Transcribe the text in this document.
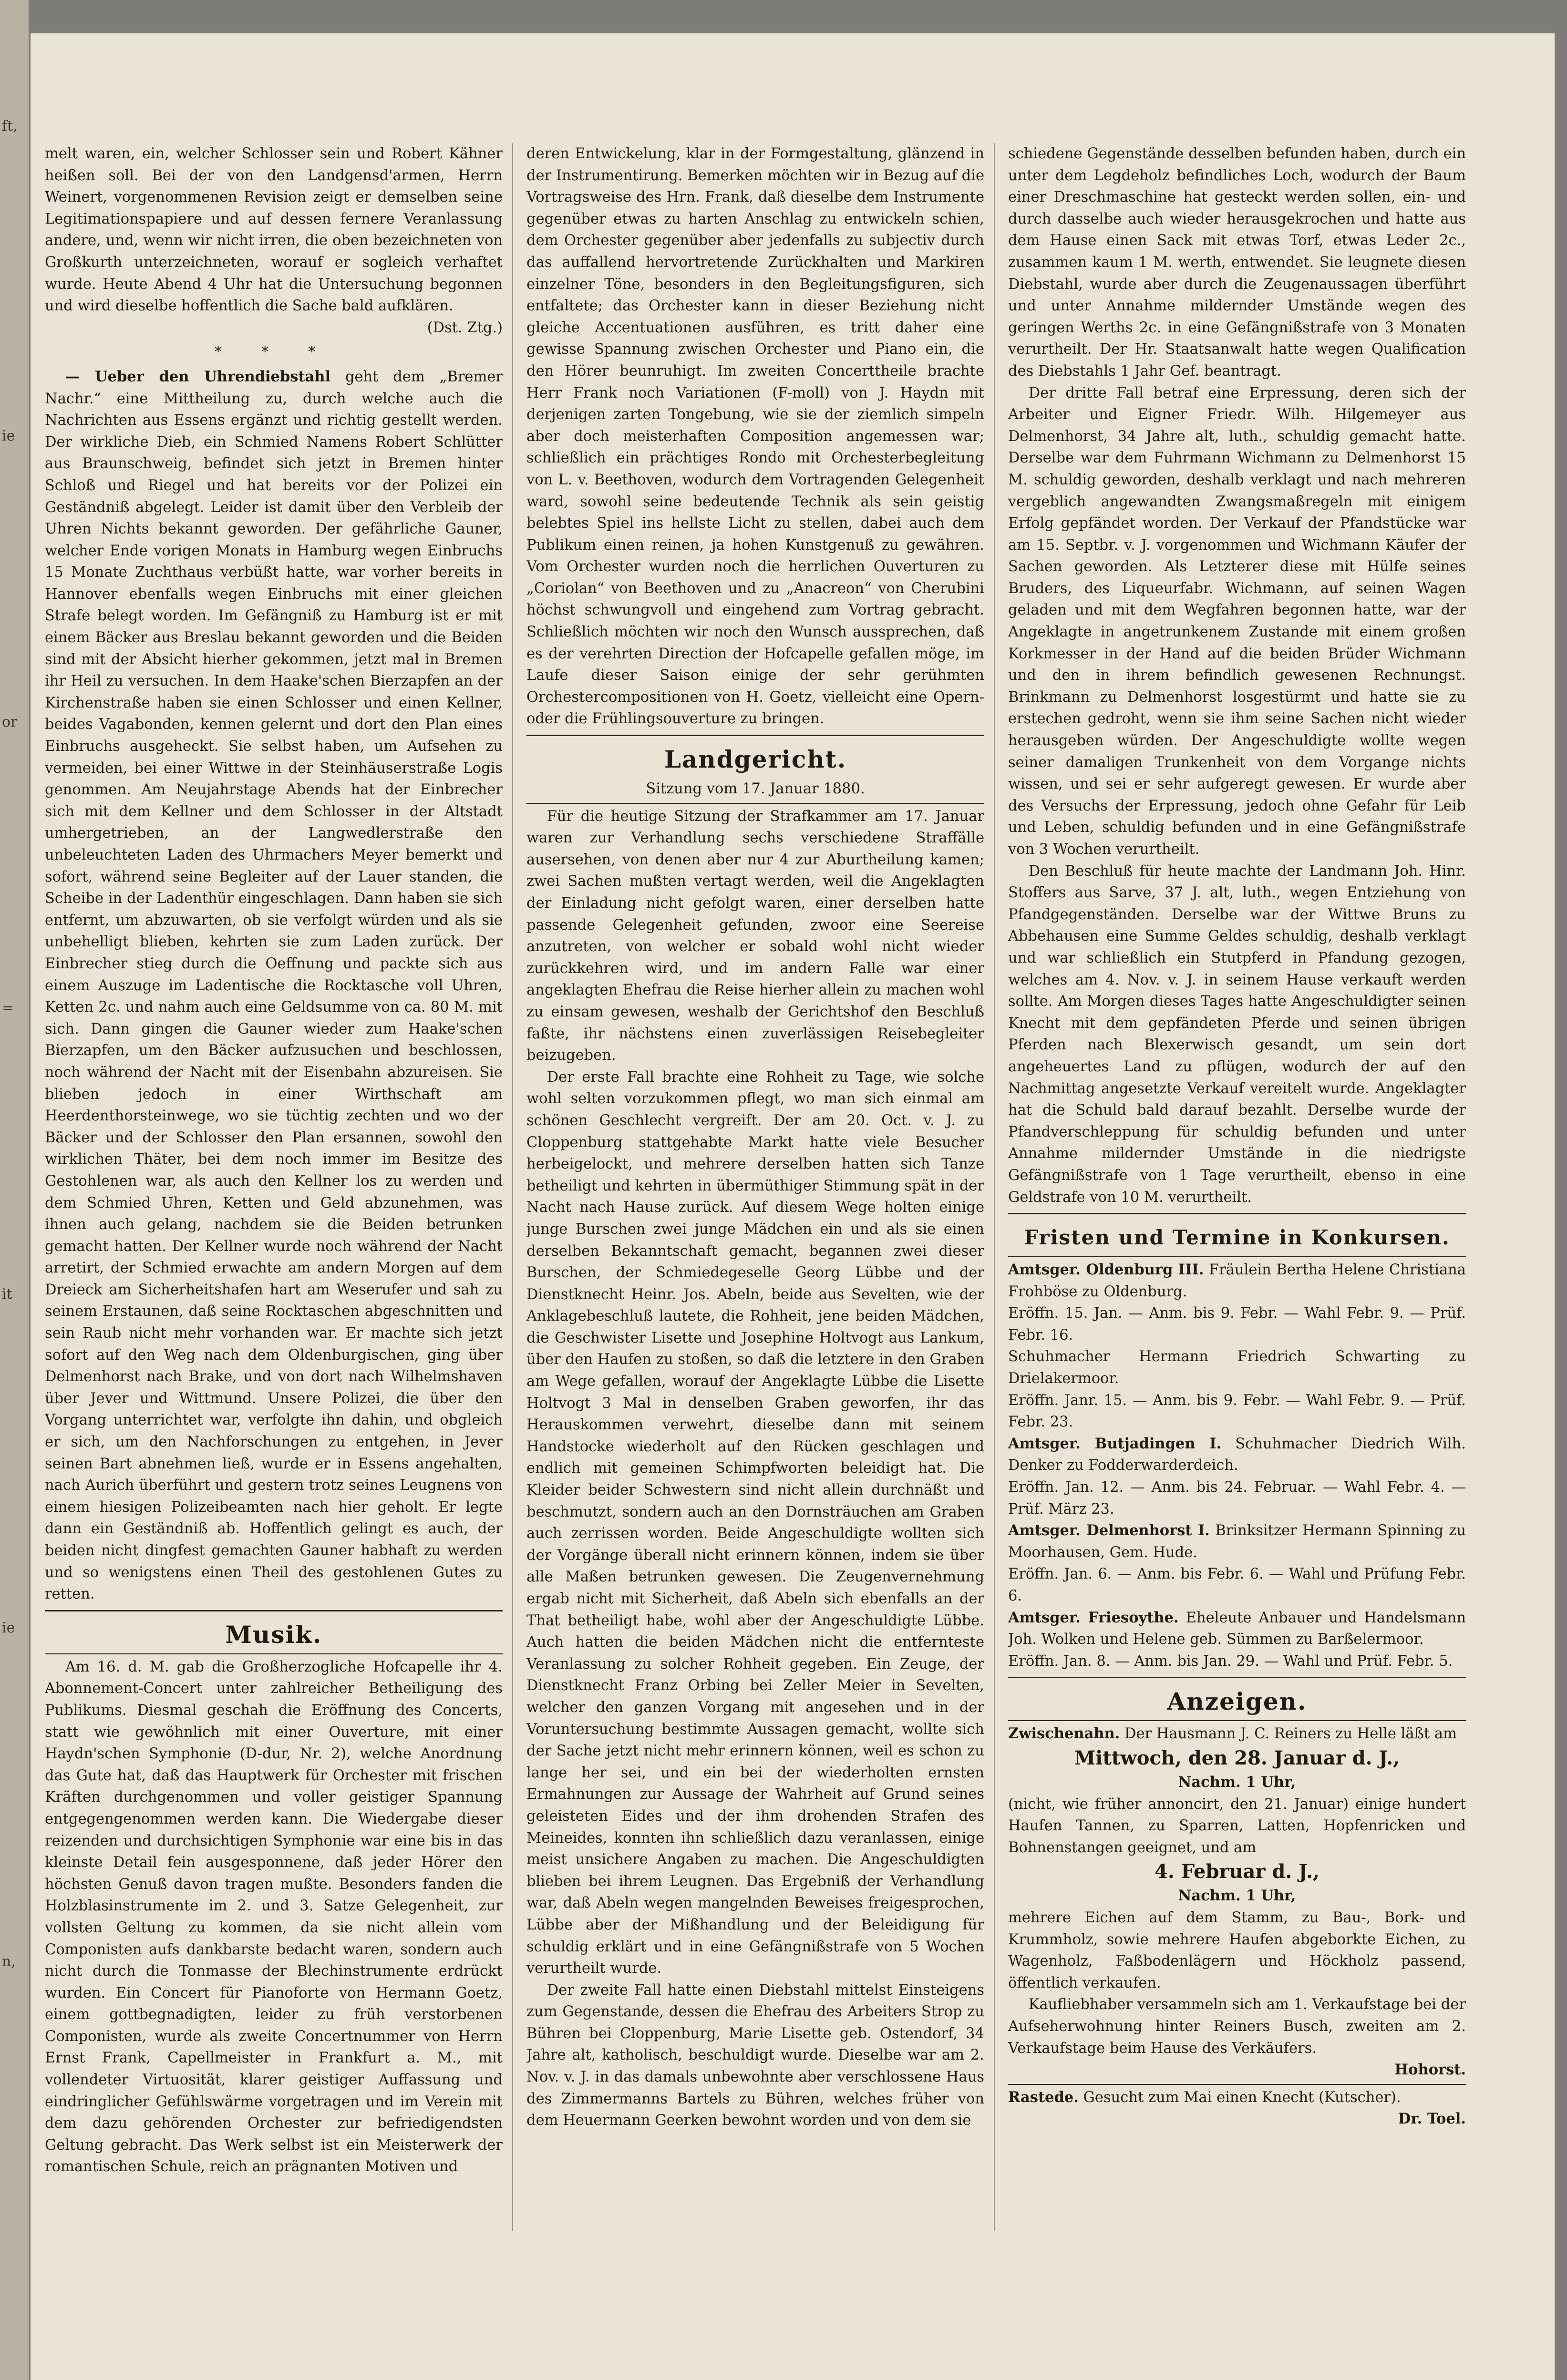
ft,
ie
or
=
it
ie
n,

melt waren, ein, welcher Schlosser sein und Robert Kähner heißen soll. Bei der von den Landgensd'armen, Herrn Weinert, vorgenommenen Revision zeigt er demselben seine Legitimationspapiere und auf dessen fernere Veranlassung andere, und, wenn wir nicht irren, die oben bezeichneten von Großkurth unterzeichneten, worauf er sogleich verhaftet wurde. Heute Abend 4 Uhr hat die Untersuchung begonnen und wird dieselbe hoffentlich die Sache bald aufklären.

(Dst. Ztg.)

* * *

— Ueber den Uhrendiebstahl geht dem „Bremer Nachr.“ eine Mittheilung zu, durch welche auch die Nachrichten aus Essens ergänzt und richtig gestellt werden. Der wirkliche Dieb, ein Schmied Namens Robert Schlütter aus Braunschweig, befindet sich jetzt in Bremen hinter Schloß und Riegel und hat bereits vor der Polizei ein Geständniß abgelegt. Leider ist damit über den Verbleib der Uhren Nichts bekannt geworden. Der gefährliche Gauner, welcher Ende vorigen Monats in Hamburg wegen Einbruchs 15 Monate Zuchthaus verbüßt hatte, war vorher bereits in Hannover ebenfalls wegen Einbruchs mit einer gleichen Strafe belegt worden. Im Gefängniß zu Hamburg ist er mit einem Bäcker aus Breslau bekannt geworden und die Beiden sind mit der Absicht hierher gekommen, jetzt mal in Bremen ihr Heil zu versuchen. In dem Haake'schen Bierzapfen an der Kirchenstraße haben sie einen Schlosser und einen Kellner, beides Vagabonden, kennen gelernt und dort den Plan eines Einbruchs ausgeheckt. Sie selbst haben, um Aufsehen zu vermeiden, bei einer Wittwe in der Steinhäuserstraße Logis genommen. Am Neujahrstage Abends hat der Einbrecher sich mit dem Kellner und dem Schlosser in der Altstadt umhergetrieben, an der Langwedlerstraße den unbeleuchteten Laden des Uhrmachers Meyer bemerkt und sofort, während seine Begleiter auf der Lauer standen, die Scheibe in der Ladenthür eingeschlagen. Dann haben sie sich entfernt, um abzuwarten, ob sie verfolgt würden und als sie unbehelligt blieben, kehrten sie zum Laden zurück. Der Einbrecher stieg durch die Oeffnung und packte sich aus einem Auszuge im Ladentische die Rocktasche voll Uhren, Ketten 2c. und nahm auch eine Geldsumme von ca. 80 M. mit sich. Dann gingen die Gauner wieder zum Haake'schen Bierzapfen, um den Bäcker aufzusuchen und beschlossen, noch während der Nacht mit der Eisenbahn abzureisen. Sie blieben jedoch in einer Wirthschaft am Heerdenthorsteinwege, wo sie tüchtig zechten und wo der Bäcker und der Schlosser den Plan ersannen, sowohl den wirklichen Thäter, bei dem noch immer im Besitze des Gestohlenen war, als auch den Kellner los zu werden und dem Schmied Uhren, Ketten und Geld abzunehmen, was ihnen auch gelang, nachdem sie die Beiden betrunken gemacht hatten. Der Kellner wurde noch während der Nacht arretirt, der Schmied erwachte am andern Morgen auf dem Dreieck am Sicherheitshafen hart am Weserufer und sah zu seinem Erstaunen, daß seine Rocktaschen abgeschnitten und sein Raub nicht mehr vorhanden war. Er machte sich jetzt sofort auf den Weg nach dem Oldenburgischen, ging über Delmenhorst nach Brake, und von dort nach Wilhelmshaven über Jever und Wittmund. Unsere Polizei, die über den Vorgang unterrichtet war, verfolgte ihn dahin, und obgleich er sich, um den Nachforschungen zu entgehen, in Jever seinen Bart abnehmen ließ, wurde er in Essens angehalten, nach Aurich überführt und gestern trotz seines Leugnens von einem hiesigen Polizeibeamten nach hier geholt. Er legte dann ein Geständniß ab. Hoffentlich gelingt es auch, der beiden nicht dingfest gemachten Gauner habhaft zu werden und so wenigstens einen Theil des gestohlenen Gutes zu retten.

Musik.

Am 16. d. M. gab die Großherzogliche Hofcapelle ihr 4. Abonnement-Concert unter zahlreicher Betheiligung des Publikums. Diesmal geschah die Eröffnung des Concerts, statt wie gewöhnlich mit einer Ouverture, mit einer Haydn'schen Symphonie (D-dur, Nr. 2), welche Anordnung das Gute hat, daß das Hauptwerk für Orchester mit frischen Kräften durchgenommen und voller geistiger Spannung entgegengenommen werden kann. Die Wiedergabe dieser reizenden und durchsichtigen Symphonie war eine bis in das kleinste Detail fein ausgesponnene, daß jeder Hörer den höchsten Genuß davon tragen mußte. Besonders fanden die Holzblasinstrumente im 2. und 3. Satze Gelegenheit, zur vollsten Geltung zu kommen, da sie nicht allein vom Componisten aufs dankbarste bedacht waren, sondern auch nicht durch die Tonmasse der Blechinstrumente erdrückt wurden. Ein Concert für Pianoforte von Hermann Goetz, einem gottbegnadigten, leider zu früh verstorbenen Componisten, wurde als zweite Concertnummer von Herrn Ernst Frank, Capellmeister in Frankfurt a. M., mit vollendeter Virtuosität, klarer geistiger Auffassung und eindringlicher Gefühlswärme vorgetragen und im Verein mit dem dazu gehörenden Orchester zur befriedigendsten Geltung gebracht. Das Werk selbst ist ein Meisterwerk der romantischen Schule, reich an prägnanten Motiven und

deren Entwickelung, klar in der Formgestaltung, glänzend in der Instrumentirung. Bemerken möchten wir in Bezug auf die Vortragsweise des Hrn. Frank, daß dieselbe dem Instrumente gegenüber etwas zu harten Anschlag zu entwickeln schien, dem Orchester gegenüber aber jedenfalls zu subjectiv durch das auffallend hervortretende Zurückhalten und Markiren einzelner Töne, besonders in den Begleitungsfiguren, sich entfaltete; das Orchester kann in dieser Beziehung nicht gleiche Accentuationen ausführen, es tritt daher eine gewisse Spannung zwischen Orchester und Piano ein, die den Hörer beunruhigt. Im zweiten Concerttheile brachte Herr Frank noch Variationen (F-moll) von J. Haydn mit derjenigen zarten Tongebung, wie sie der ziemlich simpeln aber doch meisterhaften Composition angemessen war; schließlich ein prächtiges Rondo mit Orchesterbegleitung von L. v. Beethoven, wodurch dem Vortragenden Gelegenheit ward, sowohl seine bedeutende Technik als sein geistig belebtes Spiel ins hellste Licht zu stellen, dabei auch dem Publikum einen reinen, ja hohen Kunstgenuß zu gewähren. Vom Orchester wurden noch die herrlichen Ouverturen zu „Coriolan“ von Beethoven und zu „Anacreon“ von Cherubini höchst schwungvoll und eingehend zum Vortrag gebracht. Schließlich möchten wir noch den Wunsch aussprechen, daß es der verehrten Direction der Hofcapelle gefallen möge, im Laufe dieser Saison einige der sehr gerühmten Orchestercompositionen von H. Goetz, vielleicht eine Opern- oder die Frühlingsouverture zu bringen.

Landgericht.

Sitzung vom 17. Januar 1880.

Für die heutige Sitzung der Strafkammer am 17. Januar waren zur Verhandlung sechs verschiedene Straffälle ausersehen, von denen aber nur 4 zur Aburtheilung kamen; zwei Sachen mußten vertagt werden, weil die Angeklagten der Einladung nicht gefolgt waren, einer derselben hatte passende Gelegenheit gefunden, zwoor eine Seereise anzutreten, von welcher er sobald wohl nicht wieder zurückkehren wird, und im andern Falle war einer angeklagten Ehefrau die Reise hierher allein zu machen wohl zu einsam gewesen, weshalb der Gerichtshof den Beschluß faßte, ihr nächstens einen zuverlässigen Reisebegleiter beizugeben.

Der erste Fall brachte eine Rohheit zu Tage, wie solche wohl selten vorzukommen pflegt, wo man sich einmal am schönen Geschlecht vergreift. Der am 20. Oct. v. J. zu Cloppenburg stattgehabte Markt hatte viele Besucher herbeigelockt, und mehrere derselben hatten sich Tanze betheiligt und kehrten in übermüthiger Stimmung spät in der Nacht nach Hause zurück. Auf diesem Wege holten einige junge Burschen zwei junge Mädchen ein und als sie einen derselben Bekanntschaft gemacht, begannen zwei dieser Burschen, der Schmiedegeselle Georg Lübbe und der Dienstknecht Heinr. Jos. Abeln, beide aus Sevelten, wie der Anklagebeschluß lautete, die Rohheit, jene beiden Mädchen, die Geschwister Lisette und Josephine Holtvogt aus Lankum, über den Haufen zu stoßen, so daß die letztere in den Graben am Wege gefallen, worauf der Angeklagte Lübbe die Lisette Holtvogt 3 Mal in denselben Graben geworfen, ihr das Herauskommen verwehrt, dieselbe dann mit seinem Handstocke wiederholt auf den Rücken geschlagen und endlich mit gemeinen Schimpfworten beleidigt hat. Die Kleider beider Schwestern sind nicht allein durchnäßt und beschmutzt, sondern auch an den Dornsträuchen am Graben auch zerrissen worden. Beide Angeschuldigte wollten sich der Vorgänge überall nicht erinnern können, indem sie über alle Maßen betrunken gewesen. Die Zeugenvernehmung ergab nicht mit Sicherheit, daß Abeln sich ebenfalls an der That betheiligt habe, wohl aber der Angeschuldigte Lübbe. Auch hatten die beiden Mädchen nicht die entfernteste Veranlassung zu solcher Rohheit gegeben. Ein Zeuge, der Dienstknecht Franz Orbing bei Zeller Meier in Sevelten, welcher den ganzen Vorgang mit angesehen und in der Voruntersuchung bestimmte Aussagen gemacht, wollte sich der Sache jetzt nicht mehr erinnern können, weil es schon zu lange her sei, und ein bei der wiederholten ernsten Ermahnungen zur Aussage der Wahrheit auf Grund seines geleisteten Eides und der ihm drohenden Strafen des Meineides, konnten ihn schließlich dazu veranlassen, einige meist unsichere Angaben zu machen. Die Angeschuldigten blieben bei ihrem Leugnen. Das Ergebniß der Verhandlung war, daß Abeln wegen mangelnden Beweises freigesprochen, Lübbe aber der Mißhandlung und der Beleidigung für schuldig erklärt und in eine Gefängnißstrafe von 5 Wochen verurtheilt wurde.

Der zweite Fall hatte einen Diebstahl mittelst Einsteigens zum Gegenstande, dessen die Ehefrau des Arbeiters Strop zu Bühren bei Cloppenburg, Marie Lisette geb. Ostendorf, 34 Jahre alt, katholisch, beschuldigt wurde. Dieselbe war am 2. Nov. v. J. in das damals unbewohnte aber verschlossene Haus des Zimmermanns Bartels zu Bühren, welches früher von dem Heuermann Geerken bewohnt worden und von dem sie

schiedene Gegenstände desselben befunden haben, durch ein unter dem Legdeholz befindliches Loch, wodurch der Baum einer Dreschmaschine hat gesteckt werden sollen, ein- und durch dasselbe auch wieder herausgekrochen und hatte aus dem Hause einen Sack mit etwas Torf, etwas Leder 2c., zusammen kaum 1 M. werth, entwendet. Sie leugnete diesen Diebstahl, wurde aber durch die Zeugenaussagen überführt und unter Annahme mildernder Umstände wegen des geringen Werths 2c. in eine Gefängnißstrafe von 3 Monaten verurtheilt. Der Hr. Staatsanwalt hatte wegen Qualification des Diebstahls 1 Jahr Gef. beantragt.

Der dritte Fall betraf eine Erpressung, deren sich der Arbeiter und Eigner Friedr. Wilh. Hilgemeyer aus Delmenhorst, 34 Jahre alt, luth., schuldig gemacht hatte. Derselbe war dem Fuhrmann Wichmann zu Delmenhorst 15 M. schuldig geworden, deshalb verklagt und nach mehreren vergeblich angewandten Zwangsmaßregeln mit einigem Erfolg gepfändet worden. Der Verkauf der Pfandstücke war am 15. Septbr. v. J. vorgenommen und Wichmann Käufer der Sachen geworden. Als Letzterer diese mit Hülfe seines Bruders, des Liqueurfabr. Wichmann, auf seinen Wagen geladen und mit dem Wegfahren begonnen hatte, war der Angeklagte in angetrunkenem Zustande mit einem großen Korkmesser in der Hand auf die beiden Brüder Wichmann und den in ihrem befindlich gewesenen Rechnungst. Brinkmann zu Delmenhorst losgestürmt und hatte sie zu erstechen gedroht, wenn sie ihm seine Sachen nicht wieder herausgeben würden. Der Angeschuldigte wollte wegen seiner damaligen Trunkenheit von dem Vorgange nichts wissen, und sei er sehr aufgeregt gewesen. Er wurde aber des Versuchs der Erpressung, jedoch ohne Gefahr für Leib und Leben, schuldig befunden und in eine Gefängnißstrafe von 3 Wochen verurtheilt.

Den Beschluß für heute machte der Landmann Joh. Hinr. Stoffers aus Sarve, 37 J. alt, luth., wegen Entziehung von Pfandgegenständen. Derselbe war der Wittwe Bruns zu Abbehausen eine Summe Geldes schuldig, deshalb verklagt und war schließlich ein Stutpferd in Pfandung gezogen, welches am 4. Nov. v. J. in seinem Hause verkauft werden sollte. Am Morgen dieses Tages hatte Angeschuldigter seinen Knecht mit dem gepfändeten Pferde und seinen übrigen Pferden nach Blexerwisch gesandt, um sein dort angeheuertes Land zu pflügen, wodurch der auf den Nachmittag angesetzte Verkauf vereitelt wurde. Angeklagter hat die Schuld bald darauf bezahlt. Derselbe wurde der Pfandverschleppung für schuldig befunden und unter Annahme mildernder Umstände in die niedrigste Gefängnißstrafe von 1 Tage verurtheilt, ebenso in eine Geldstrafe von 10 M. verurtheilt.

Fristen und Termine in Konkursen.

Amtsger. Oldenburg III. Fräulein Bertha Helene Christiana Frohböse zu Oldenburg.

Eröffn. 15. Jan. — Anm. bis 9. Febr. — Wahl Febr. 9. — Prüf. Febr. 16.

Schuhmacher Hermann Friedrich Schwarting zu Drielakermoor.

Eröffn. Janr. 15. — Anm. bis 9. Febr. — Wahl Febr. 9. — Prüf. Febr. 23.

Amtsger. Butjadingen I. Schuhmacher Diedrich Wilh. Denker zu Fodderwarderdeich.

Eröffn. Jan. 12. — Anm. bis 24. Februar. — Wahl Febr. 4. — Prüf. März 23.

Amtsger. Delmenhorst I. Brinksitzer Hermann Spinning zu Moorhausen, Gem. Hude.

Eröffn. Jan. 6. — Anm. bis Febr. 6. — Wahl und Prüfung Febr. 6.

Amtsger. Friesoythe. Eheleute Anbauer und Handelsmann Joh. Wolken und Helene geb. Sümmen zu Barßelermoor.

Eröffn. Jan. 8. — Anm. bis Jan. 29. — Wahl und Prüf. Febr. 5.

Anzeigen.

Zwischenahn. Der Hausmann J. C. Reiners zu Helle läßt am

Mittwoch, den 28. Januar d. J.,

Nachm. 1 Uhr,

(nicht, wie früher annoncirt, den 21. Januar) einige hundert Haufen Tannen, zu Sparren, Latten, Hopfenricken und Bohnenstangen geeignet, und am

4. Februar d. J.,

Nachm. 1 Uhr,

mehrere Eichen auf dem Stamm, zu Bau-, Bork- und Krummholz, sowie mehrere Haufen abgeborkte Eichen, zu Wagenholz, Faßbodenlägern und Höckholz passend, öffentlich verkaufen.

Kaufliebhaber versammeln sich am 1. Verkaufstage bei der Aufseherwohnung hinter Reiners Busch, zweiten am 2. Verkaufstage beim Hause des Verkäufers.

Hohorst.

Rastede. Gesucht zum Mai einen Knecht (Kutscher).

Dr. Toel.
